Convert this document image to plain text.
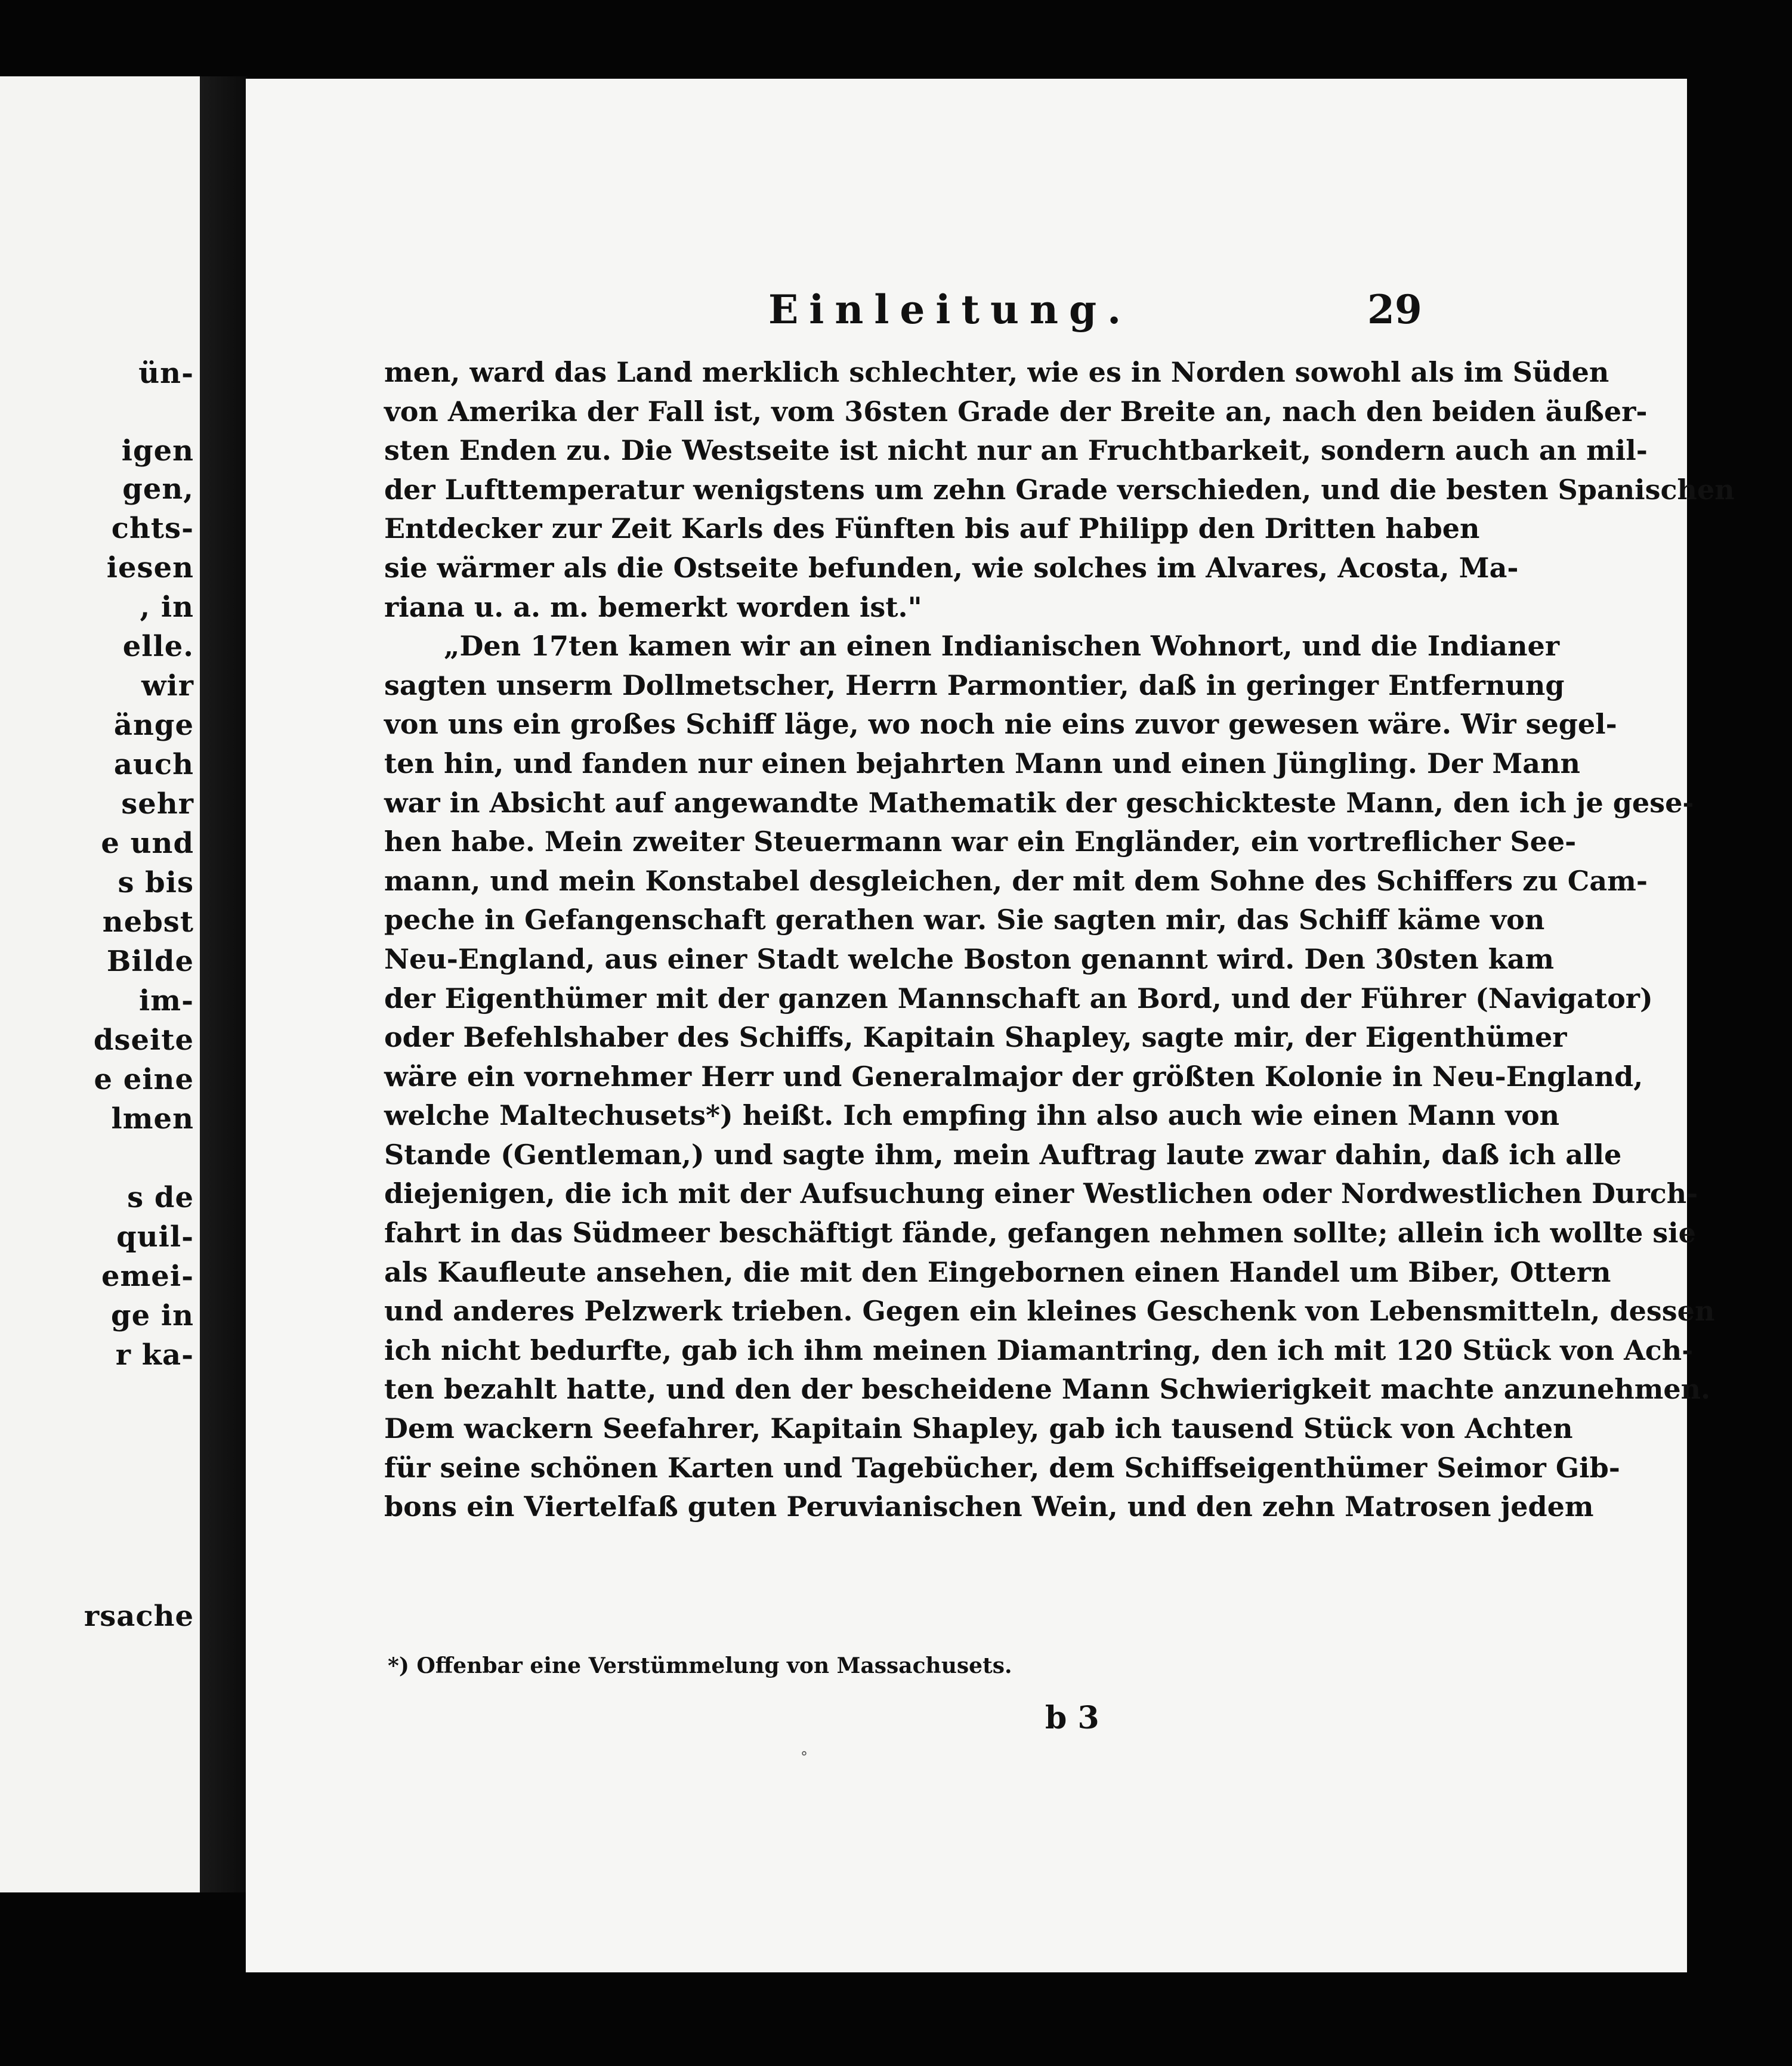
ün-
igen
gen,
chts-
iesen
, in
elle.
wir
änge
auch
sehr
e und
s bis
nebst
Bilde
im-
dseite
e eine
lmen
s de
quil-
emei-
ge in
r ka-
rsache
Einleitung.	29
men, ward das Land merklich schlechter, wie es in Norden sowohl als im Süden
von Amerika der Fall ist, vom 36sten Grade der Breite an, nach den beiden äußer-
sten Enden zu. Die Westseite ist nicht nur an Fruchtbarkeit, sondern auch an mil-
der Lufttemperatur wenigstens um zehn Grade verschieden, und die besten Spanischen
Entdecker zur Zeit Karls des Fünften bis auf Philipp den Dritten haben
sie wärmer als die Ostseite befunden, wie solches im Alvares, Acosta, Ma-
riana u. a. m. bemerkt worden ist."
„Den 17ten kamen wir an einen Indianischen Wohnort, und die Indianer
sagten unserm Dollmetscher, Herrn Parmontier, daß in geringer Entfernung
von uns ein großes Schiff läge, wo noch nie eins zuvor gewesen wäre. Wir segel-
ten hin, und fanden nur einen bejahrten Mann und einen Jüngling. Der Mann
war in Absicht auf angewandte Mathematik der geschickteste Mann, den ich je gese-
hen habe. Mein zweiter Steuermann war ein Engländer, ein vortreflicher See-
mann, und mein Konstabel desgleichen, der mit dem Sohne des Schiffers zu Cam-
peche in Gefangenschaft gerathen war. Sie sagten mir, das Schiff käme von
Neu-England, aus einer Stadt welche Boston genannt wird. Den 30sten kam
der Eigenthümer mit der ganzen Mannschaft an Bord, und der Führer (Navigator)
oder Befehlshaber des Schiffs, Kapitain Shapley, sagte mir, der Eigenthümer
wäre ein vornehmer Herr und Generalmajor der größten Kolonie in Neu-England,
welche Maltechusets*) heißt. Ich empfing ihn also auch wie einen Mann von
Stande (Gentleman,) und sagte ihm, mein Auftrag laute zwar dahin, daß ich alle
diejenigen, die ich mit der Aufsuchung einer Westlichen oder Nordwestlichen Durch-
fahrt in das Südmeer beschäftigt fände, gefangen nehmen sollte; allein ich wollte sie
als Kaufleute ansehen, die mit den Eingebornen einen Handel um Biber, Ottern
und anderes Pelzwerk trieben. Gegen ein kleines Geschenk von Lebensmitteln, dessen
ich nicht bedurfte, gab ich ihm meinen Diamantring, den ich mit 120 Stück von Ach-
ten bezahlt hatte, und den der bescheidene Mann Schwierigkeit machte anzunehmen.
Dem wackern Seefahrer, Kapitain Shapley, gab ich tausend Stück von Achten
für seine schönen Karten und Tagebücher, dem Schiffseigenthümer Seimor Gib-
bons ein Viertelfaß guten Peruvianischen Wein, und den zehn Matrosen jedem
*) Offenbar eine Verstümmelung von Massachusets.
b 3
°
